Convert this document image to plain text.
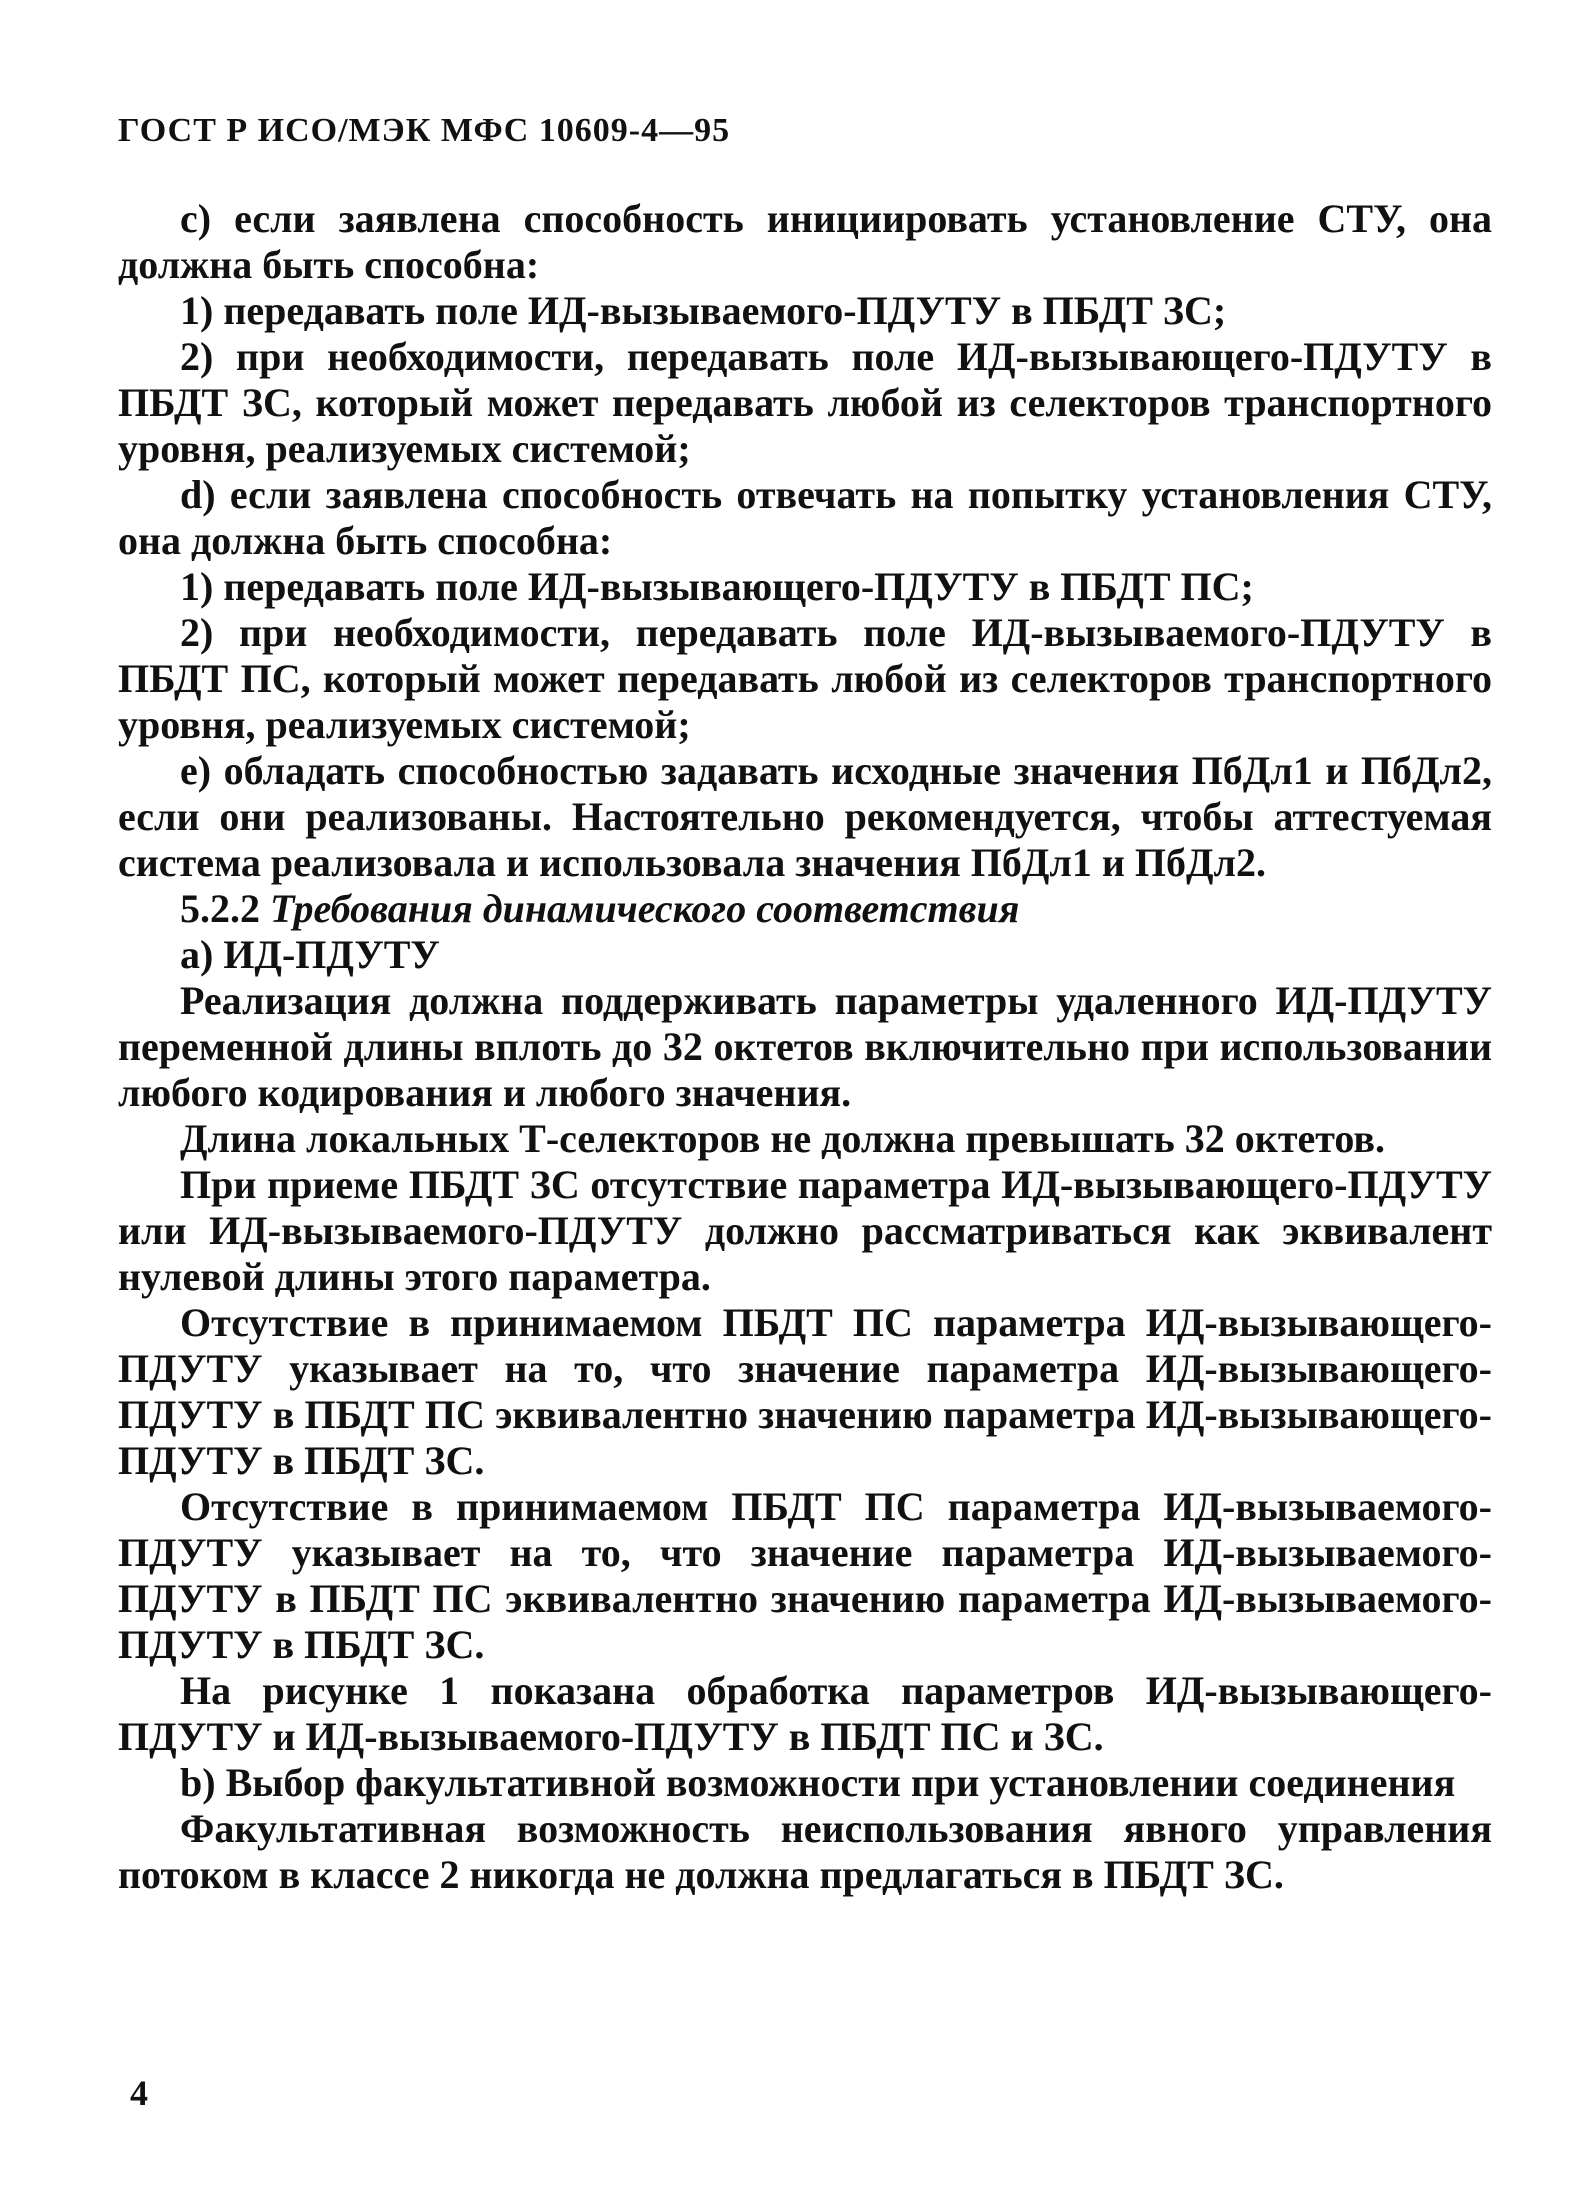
ГОСТ Р ИСО/МЭК МФС 10609-4—95

с) если заявлена способность инициировать установление СТУ, она должна быть способна:

1) передавать поле ИД-вызываемого-ПДУТУ в ПБДТ ЗС;

2) при необходимости, передавать поле ИД-вызывающего-ПДУТУ в ПБДТ ЗС, который может передавать любой из селекторов транспортного уровня, реализуемых системой;

d) если заявлена способность отвечать на попытку установления СТУ, она должна быть способна:

1) передавать поле ИД-вызывающего-ПДУТУ в ПБДТ ПС;

2) при необходимости, передавать поле ИД-вызываемого-ПДУТУ в ПБДТ ПС, который может передавать любой из селекторов транспортного уровня, реализуемых системой;

е) обладать способностью задавать исходные значения ПбДл1 и ПбДл2, если они реализованы. Настоятельно рекомендуется, чтобы аттестуемая система реализовала и использовала значения ПбДл1 и ПбДл2.

5.2.2 Требования динамического соответствия

а) ИД-ПДУТУ

Реализация должна поддерживать параметры удаленного ИД-ПДУТУ переменной длины вплоть до 32 октетов включительно при использовании любого кодирования и любого значения.

Длина локальных Т-селекторов не должна превышать 32 октетов.

При приеме ПБДТ ЗС отсутствие параметра ИД-вызывающего-ПДУТУ или ИД-вызываемого-ПДУТУ должно рассматриваться как эквивалент нулевой длины этого параметра.

Отсутствие в принимаемом ПБДТ ПС параметра ИД-вызывающего-ПДУТУ указывает на то, что значение параметра ИД-вызывающего-ПДУТУ в ПБДТ ПС эквивалентно значению параметра ИД-вызывающего-ПДУТУ в ПБДТ ЗС.

Отсутствие в принимаемом ПБДТ ПС параметра ИД-вызываемого-ПДУТУ указывает на то, что значение параметра ИД-вызываемого-ПДУТУ в ПБДТ ПС эквивалентно значению параметра ИД-вызываемого-ПДУТУ в ПБДТ ЗС.

На рисунке 1 показана обработка параметров ИД-вызывающего-ПДУТУ и ИД-вызываемого-ПДУТУ в ПБДТ ПС и ЗС.

b) Выбор факультативной возможности при установлении соединения

Факультативная возможность неиспользования явного управления потоком в классе 2 никогда не должна предлагаться в ПБДТ ЗС.

4
